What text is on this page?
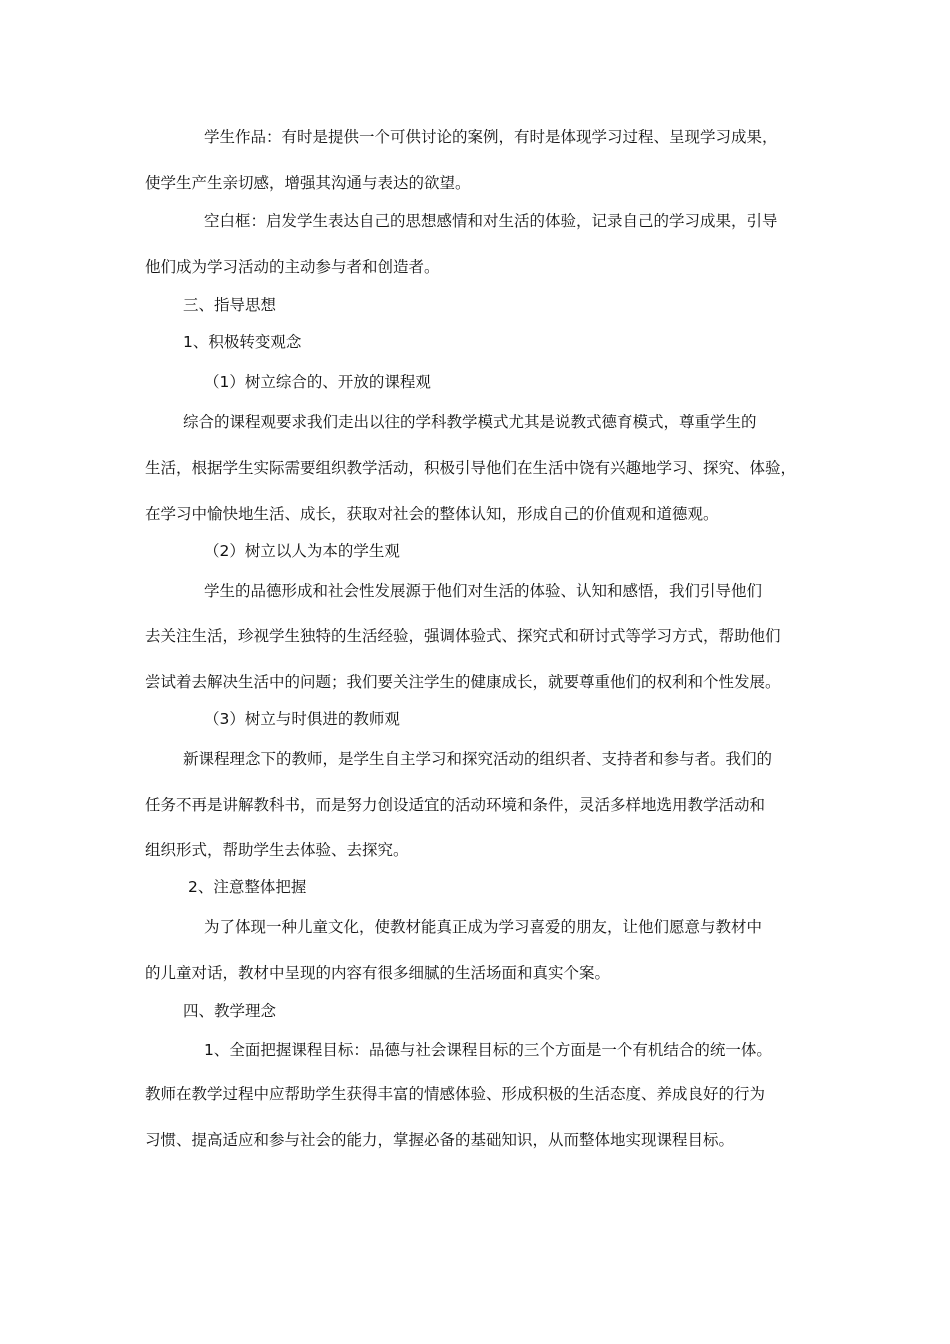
学生作品：有时是提供一个可供讨论的案例，有时是体现学习过程、呈现学习成果，
使学生产生亲切感，增强其沟通与表达的欲望。
空白框：启发学生表达自己的思想感情和对生活的体验，记录自己的学习成果，引导
他们成为学习活动的主动参与者和创造者。
三、指导思想
1、积极转变观念
（1）树立综合的、开放的课程观
综合的课程观要求我们走出以往的学科教学模式尤其是说教式德育模式，尊重学生的
生活，根据学生实际需要组织教学活动，积极引导他们在生活中饶有兴趣地学习、探究、体验，
在学习中愉快地生活、成长，获取对社会的整体认知，形成自己的价值观和道德观。
（2）树立以人为本的学生观
学生的品德形成和社会性发展源于他们对生活的体验、认知和感悟，我们引导他们
去关注生活，珍视学生独特的生活经验，强调体验式、探究式和研讨式等学习方式，帮助他们
尝试着去解决生活中的问题；我们要关注学生的健康成长，就要尊重他们的权利和个性发展。
（3）树立与时俱进的教师观
新课程理念下的教师，是学生自主学习和探究活动的组织者、支持者和参与者。我们的
任务不再是讲解教科书，而是努力创设适宜的活动环境和条件，灵活多样地选用教学活动和
组织形式，帮助学生去体验、去探究。
2、注意整体把握
为了体现一种儿童文化，使教材能真正成为学习喜爱的朋友，让他们愿意与教材中
的儿童对话，教材中呈现的内容有很多细腻的生活场面和真实个案。
四、教学理念
1、全面把握课程目标：品德与社会课程目标的三个方面是一个有机结合的统一体。
教师在教学过程中应帮助学生获得丰富的情感体验、形成积极的生活态度、养成良好的行为
习惯、提高适应和参与社会的能力，掌握必备的基础知识，从而整体地实现课程目标。
